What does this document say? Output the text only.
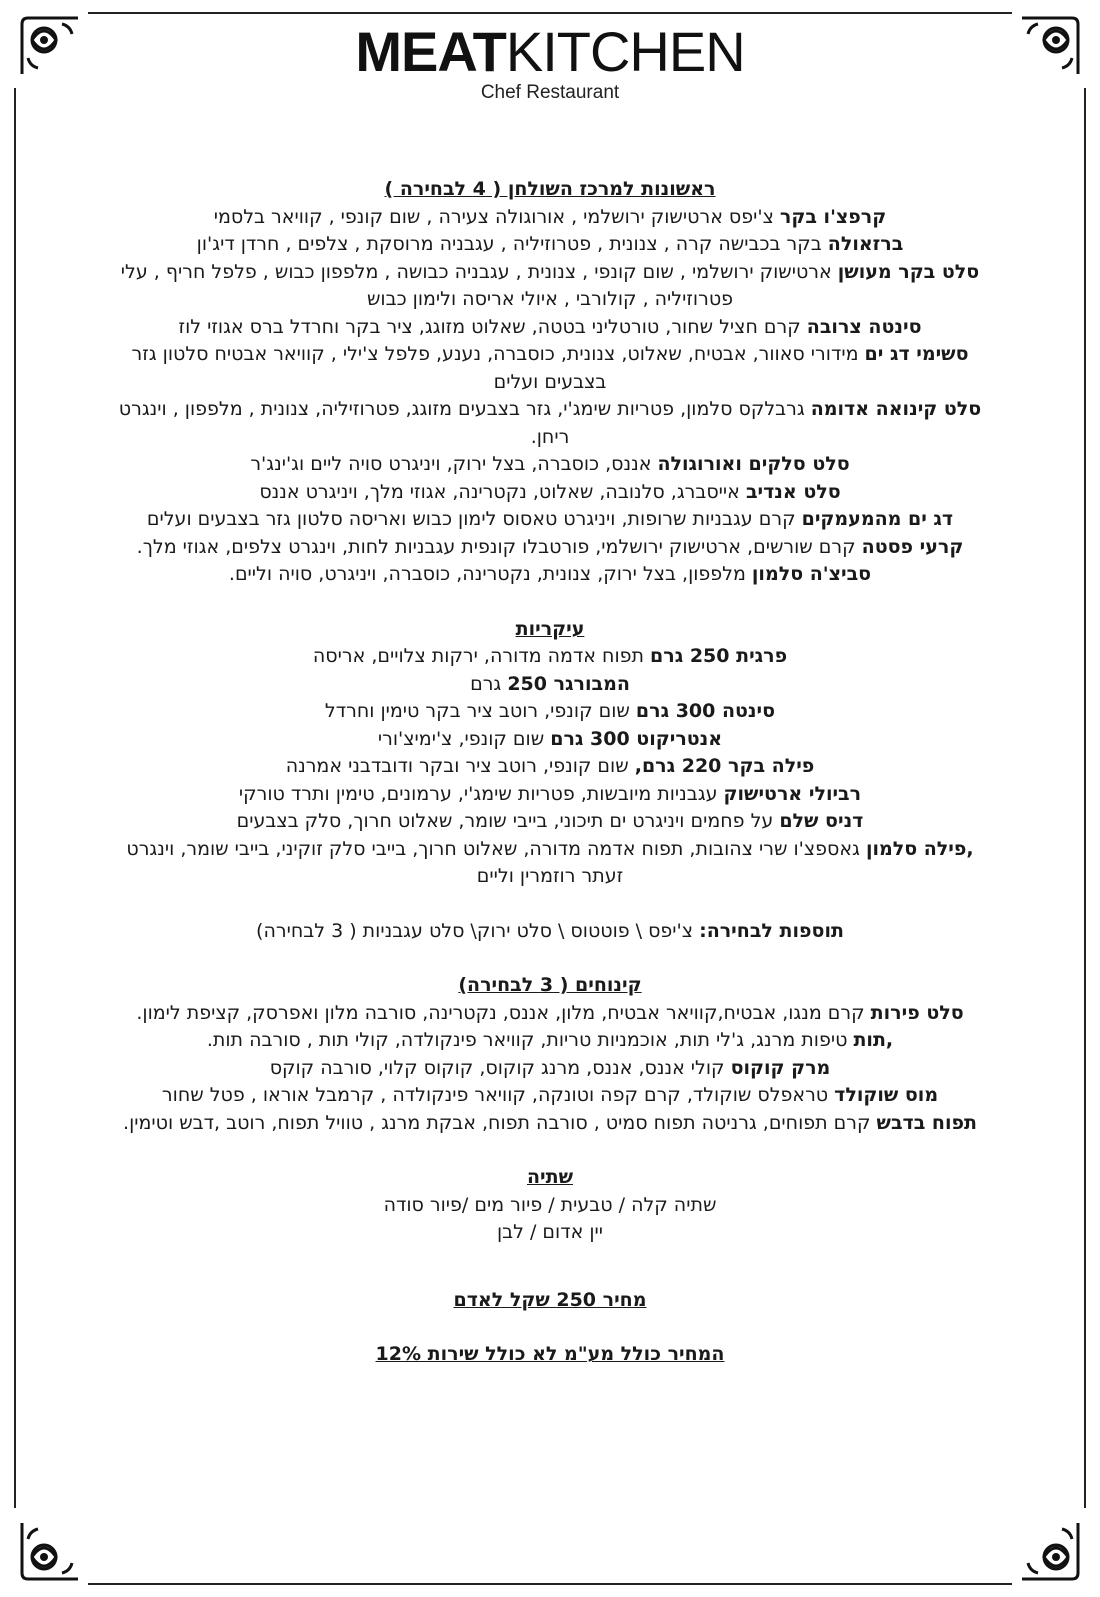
MEATKITCHEN
Chef Restaurant

ראשונות למרכז השולחן ( 4 לבחירה )

קרפצ'ו בקר צ'יפס ארטישוק ירושלמי , אורוגולה צעירה , שום קונפי , קוויאר בלסמי

ברזאולה בקר בכבישה קרה , צנונית , פטרוזיליה , עגבניה מרוסקת , צלפים , חרדן דיג'ון

סלט בקר מעושן ארטישוק ירושלמי , שום קונפי , צנונית , עגבניה כבושה , מלפפון כבוש , פלפל חריף , עלי פטרוזיליה , קולורבי , איולי אריסה ולימון כבוש

סינטה צרובה קרם חציל שחור, טורטליני בטטה, שאלוט מזוגג, ציר בקר וחרדל ברס אגוזי לוז

סשימי דג ים מידורי סאוור, אבטיח, שאלוט, צנונית, כוסברה, נענע, פלפל צ'ילי , קוויאר אבטיח סלטון גזר בצבעים ועלים

סלט קינואה אדומה גרבלקס סלמון, פטריות שימג'י, גזר בצבעים מזוגג, פטרוזיליה, צנונית , מלפפון , וינגרט ריחן.

סלט סלקים ואורוגולה אננס, כוסברה, בצל ירוק, ויניגרט סויה ליים וג'ינג'ר

סלט אנדיב אייסברג, סלנובה, שאלוט, נקטרינה, אגוזי מלך, ויניגרט אננס

דג ים מהמעמקים קרם עגבניות שרופות, ויניגרט טאסוס לימון כבוש ואריסה סלטון גזר בצבעים ועלים

קרעי פסטה קרם שורשים, ארטישוק ירושלמי, פורטבלו קונפית עגבניות לחות, וינגרט צלפים, אגוזי מלך.

סביצ'ה סלמון מלפפון, בצל ירוק, צנונית, נקטרינה, כוסברה, ויניגרט, סויה וליים.

עיקריות

פרגית 250 גרם תפוח אדמה מדורה, ירקות צלויים, אריסה

המבורגר 250 גרם

סינטה 300 גרם שום קונפי, רוטב ציר בקר טימין וחרדל

אנטריקוט 300 גרם שום קונפי, צ'ימיצ'ורי

פילה בקר 220 גרם, שום קונפי, רוטב ציר ובקר ודובדבני אמרנה

רביולי ארטישוק עגבניות מיובשות, פטריות שימג'י, ערמונים, טימין ותרד טורקי

דניס שלם על פחמים ויניגרט ים תיכוני, בייבי שומר, שאלוט חרוך, סלק בצבעים

,פילה סלמון גאספצ'ו שרי צהובות, תפוח אדמה מדורה, שאלוט חרוך, בייבי סלק זוקיני, בייבי שומר, וינגרט זעתר רוזמרין וליים

תוספות לבחירה: צ'יפס \ פוטטוס \ סלט ירוק\ סלט עגבניות ( 3 לבחירה)

קינוחים ( 3 לבחירה)

סלט פירות קרם מנגו, אבטיח,קוויאר אבטיח, מלון, אננס, נקטרינה, סורבה מלון ואפרסק, קציפת לימון.

,תות טיפות מרנג, ג'לי תות, אוכמניות טריות, קוויאר פינקולדה, קולי תות , סורבה תות.

מרק קוקוס קולי אננס, אננס, מרנג קוקוס, קוקוס קלוי, סורבה קוקס

מוס שוקולד טראפלס שוקולד, קרם קפה וטונקה, קוויאר פינקולדה , קרמבל אוראו , פטל שחור

תפוח בדבש קרם תפוחים, גרניטה תפוח סמיט , סורבה תפוח, אבקת מרנג , טוויל תפוח, רוטב ,דבש וטימין.

שתיה

שתיה קלה / טבעית / פיור מים /פיור סודה

יין אדום / לבן

מחיר 250 שקל לאדם

המחיר כולל מע"מ לא כולל שירות 12%
